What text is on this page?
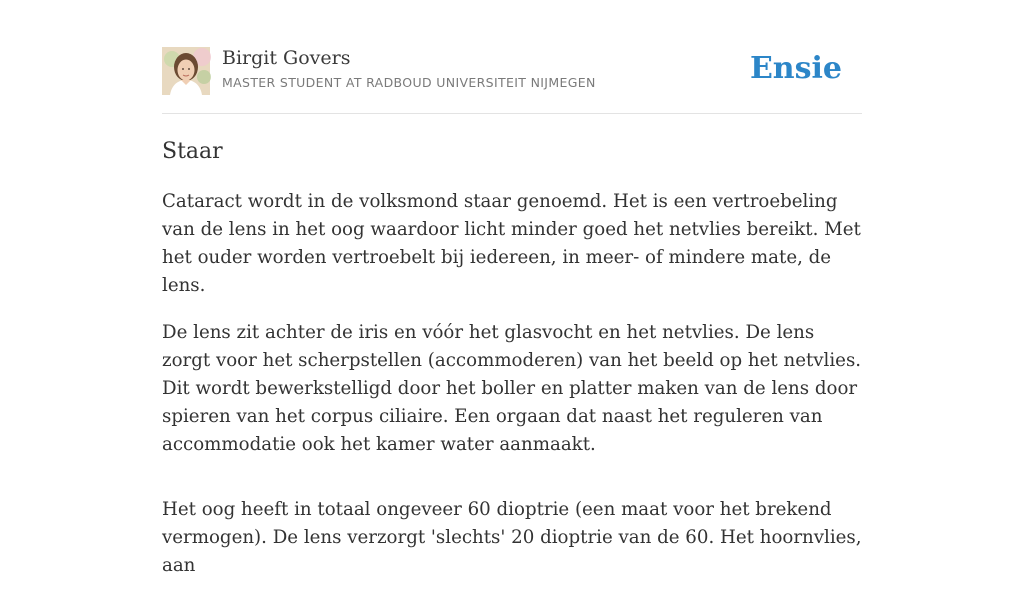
Birgit Govers
MASTER STUDENT AT RADBOUD UNIVERSITEIT NIJMEGEN	Ensie
Staar

Cataract wordt in de volksmond staar genoemd. Het is een vertroebeling van de lens in het oog waardoor licht minder goed het netvlies bereikt. Met het ouder worden vertroebelt bij iedereen, in meer- of mindere mate, de lens.

De lens zit achter de iris en vóór het glasvocht en het netvlies. De lens zorgt voor het scherpstellen (accommoderen) van het beeld op het netvlies. Dit wordt bewerkstelligd door het boller en platter maken van de lens door spieren van het corpus ciliaire. Een orgaan dat naast het reguleren van accommodatie ook het kamer water aanmaakt.

Het oog heeft in totaal ongeveer 60 dioptrie (een maat voor het brekend vermogen). De lens verzorgt 'slechts' 20 dioptrie van de 60. Het hoornvlies, aan
